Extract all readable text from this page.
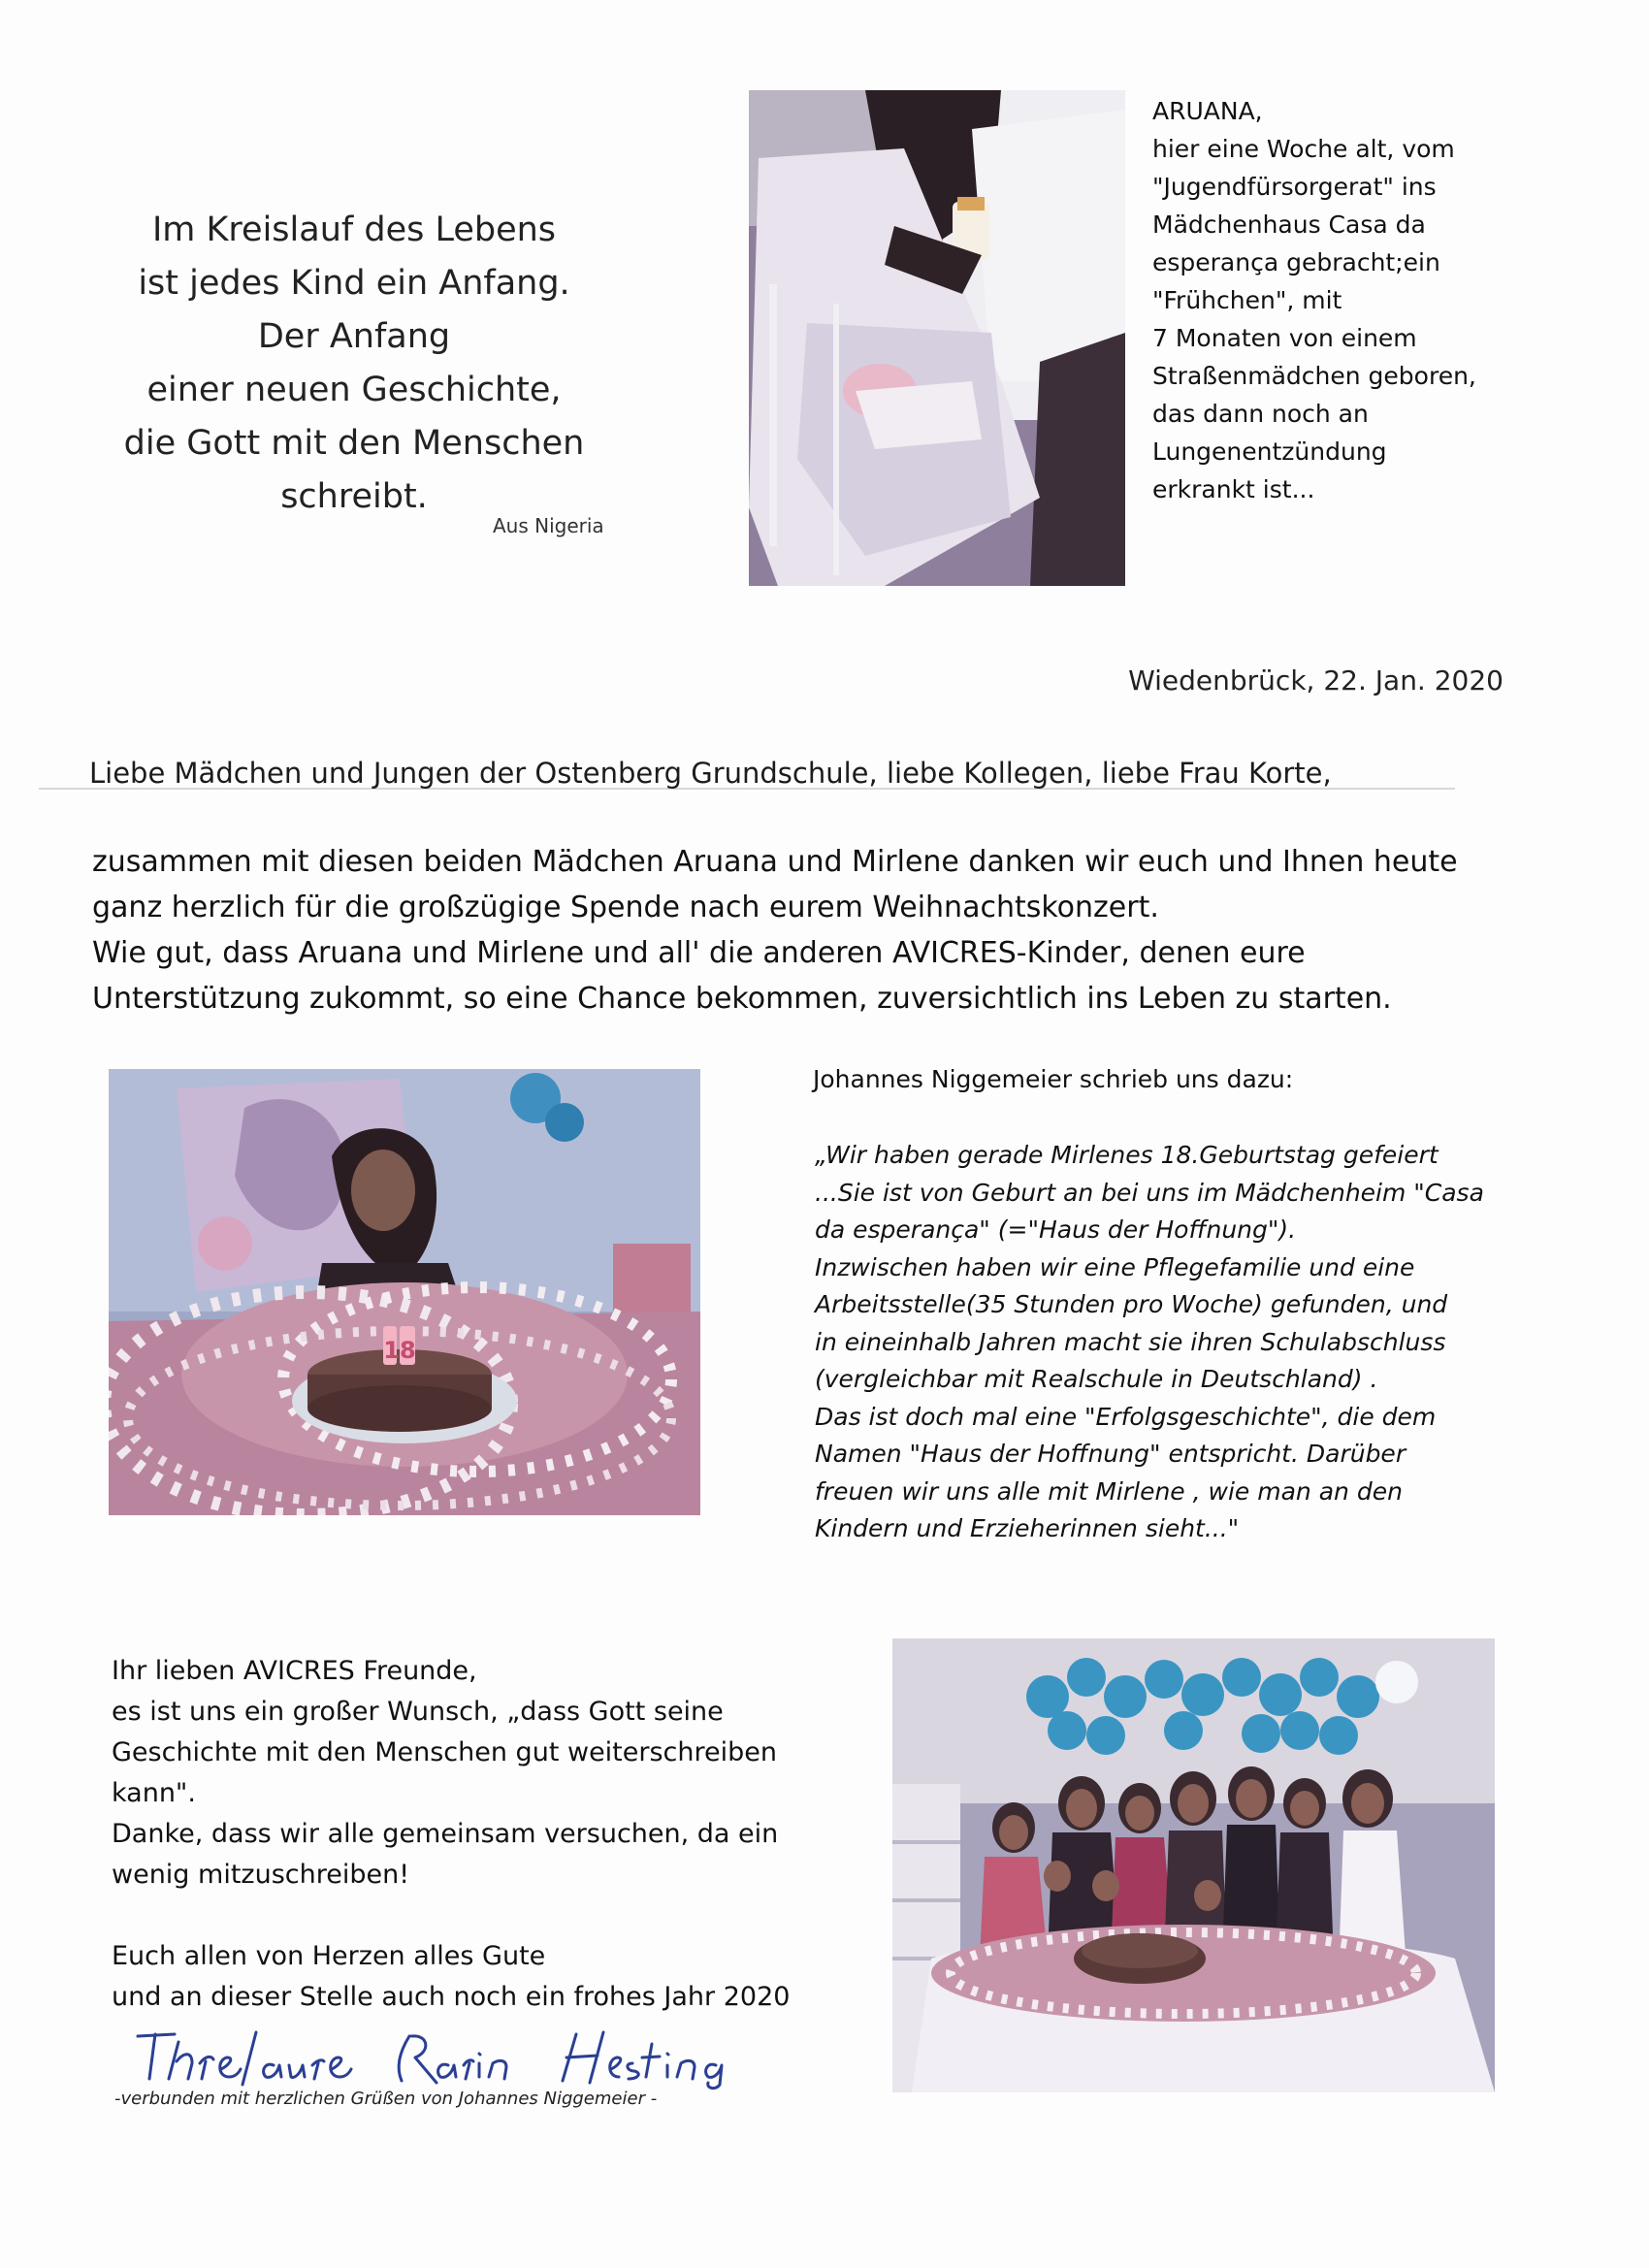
Im Kreislauf des Lebens
ist jedes Kind ein Anfang.
Der Anfang
einer neuen Geschichte,
die Gott mit den Menschen
schreibt.
Aus Nigeria
ARUANA,
hier eine Woche alt, vom
"Jugendfürsorgerat" ins
Mädchenhaus Casa da
esperança gebracht;ein
"Frühchen", mit
7 Monaten von einem
Straßenmädchen geboren,
das dann noch an
Lungenentzündung
erkrankt ist...
Wiedenbrück, 22. Jan. 2020
Liebe Mädchen und Jungen der Ostenberg Grundschule, liebe Kollegen, liebe Frau Korte,

zusammen mit diesen beiden Mädchen Aruana und Mirlene danken wir euch und Ihnen heute

ganz herzlich für die großzügige Spende nach eurem Weihnachtskonzert.

Wie gut, dass Aruana und Mirlene und all' die anderen AVICRES-Kinder, denen eure

Unterstützung zukommt, so eine Chance bekommen, zuversichtlich ins Leben zu starten.

18
Johannes Niggemeier schrieb uns dazu:
„Wir haben gerade Mirlenes 18.Geburtstag gefeiert
...Sie ist von Geburt an bei uns im Mädchenheim "Casa
da esperança" (="Haus der Hoffnung").
Inzwischen haben wir eine Pflegefamilie und eine
Arbeitsstelle(35 Stunden pro Woche) gefunden, und
in eineinhalb Jahren macht sie ihren Schulabschluss
(vergleichbar mit Realschule in Deutschland) .
Das ist doch mal eine "Erfolgsgeschichte", die dem
Namen "Haus der Hoffnung" entspricht. Darüber
freuen wir uns alle mit Mirlene , wie man an den
Kindern und Erzieherinnen sieht..."
Ihr lieben AVICRES Freunde,
es ist uns ein großer Wunsch, „dass Gott seine
Geschichte mit den Menschen gut weiterschreiben
kann".
Danke, dass wir alle gemeinsam versuchen, da ein
wenig mitzuschreiben!
Euch allen von Herzen alles Gute
und an dieser Stelle auch noch ein frohes Jahr 2020
-verbunden mit herzlichen Grüßen von Johannes Niggemeier -
